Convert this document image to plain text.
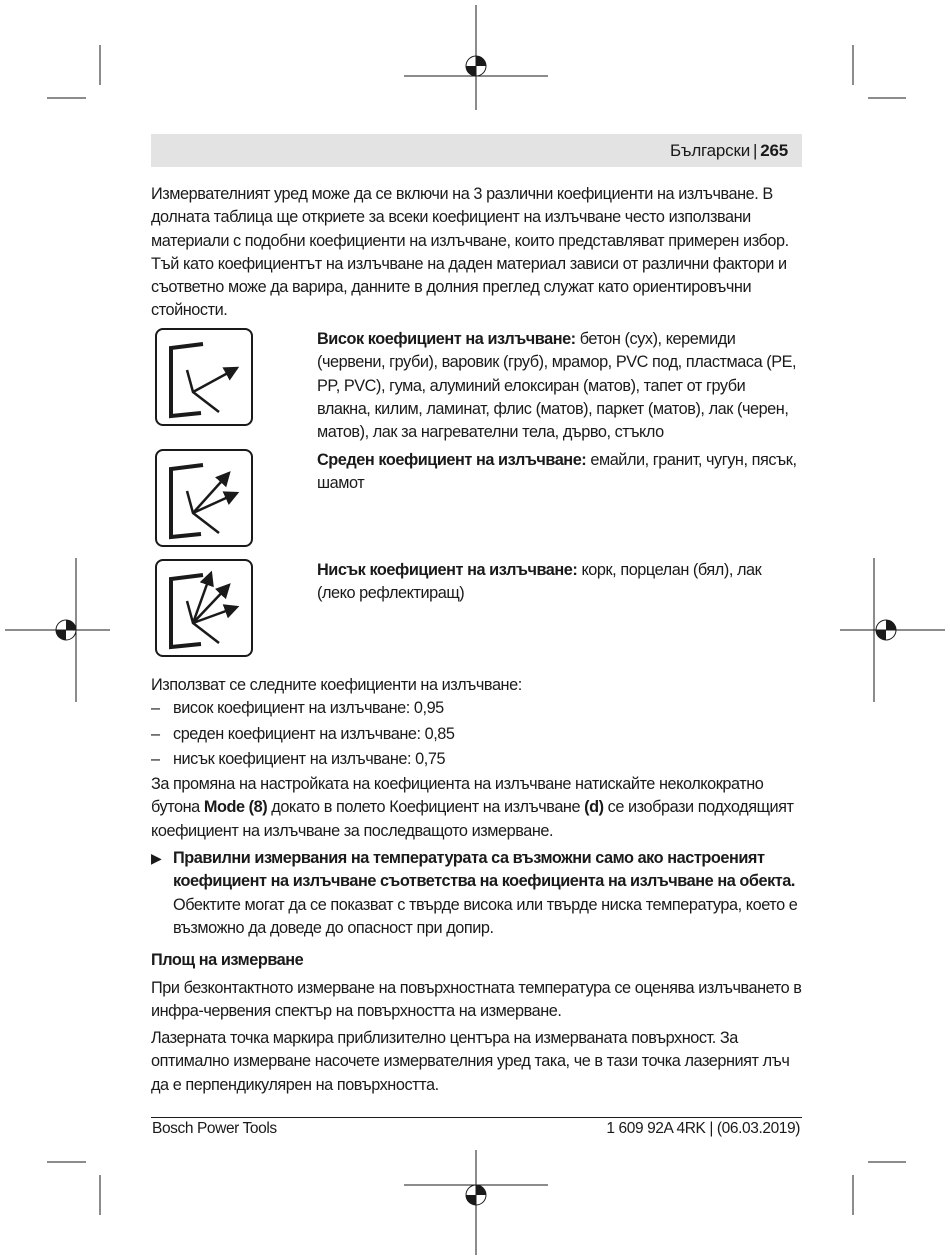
Български | 265

Измервателният уред може да се включи на 3 различни коефициенти на излъчване. В долната таблица ще откриете за всеки коефициент на излъчване често използвани материали с подобни коефициенти на излъчване, които представляват примерен избор. Тъй като коефициентът на излъчване на даден материал зависи от различни фактори и съответно може да варира, данните в долния преглед служат като ориентировъчни стойности.

Висок коефициент на излъчване: бетон (сух), керемиди (червени, груби), варовик (груб), мрамор, PVC под, пластмаса (PE, PP, PVC), гума, алуминий елоксиран (матов), тапет от груби влакна, килим, ламинат, флис (матов), паркет (матов), лак (черен, матов), лак за нагревателни тела, дърво, стъкло
Среден коефициент на излъчване: емайли, гранит, чугун, пясък, шамот
Нисък коефициент на излъчване: корк, порцелан (бял), лак (леко рефлектиращ)

Използват се следните коефициенти на излъчване:

– висок коефициент на излъчване: 0,95
– среден коефициент на излъчване: 0,85
– нисък коефициент на излъчване: 0,75

За промяна на настройката на коефициента на излъчване натискайте неколкократно бутона Mode (8) докато в полето Коефициент на излъчване (d) се изобрази подходящият коефициент на излъчване за последващото измерване.

▶ Правилни измервания на температурата са възможни само ако настроеният коефициент на излъчване съответства на коефициента на излъчване на обекта. Обектите могат да се показват с твърде висока или твърде ниска температура, което е възможно да доведе до опасност при допир.

Площ на измерване

При безконтактното измерване на повърхностната температура се оценява излъчването в инфра-червения спектър на повърхността на измерване.

Лазерната точка маркира приблизително центъра на измерваната повърхност. За оптимално измерване насочете измервателния уред така, че в тази точка лазерният лъч да е перпендикулярен на повърхността.

Bosch Power Tools	1 609 92A 4RK | (06.03.2019)
